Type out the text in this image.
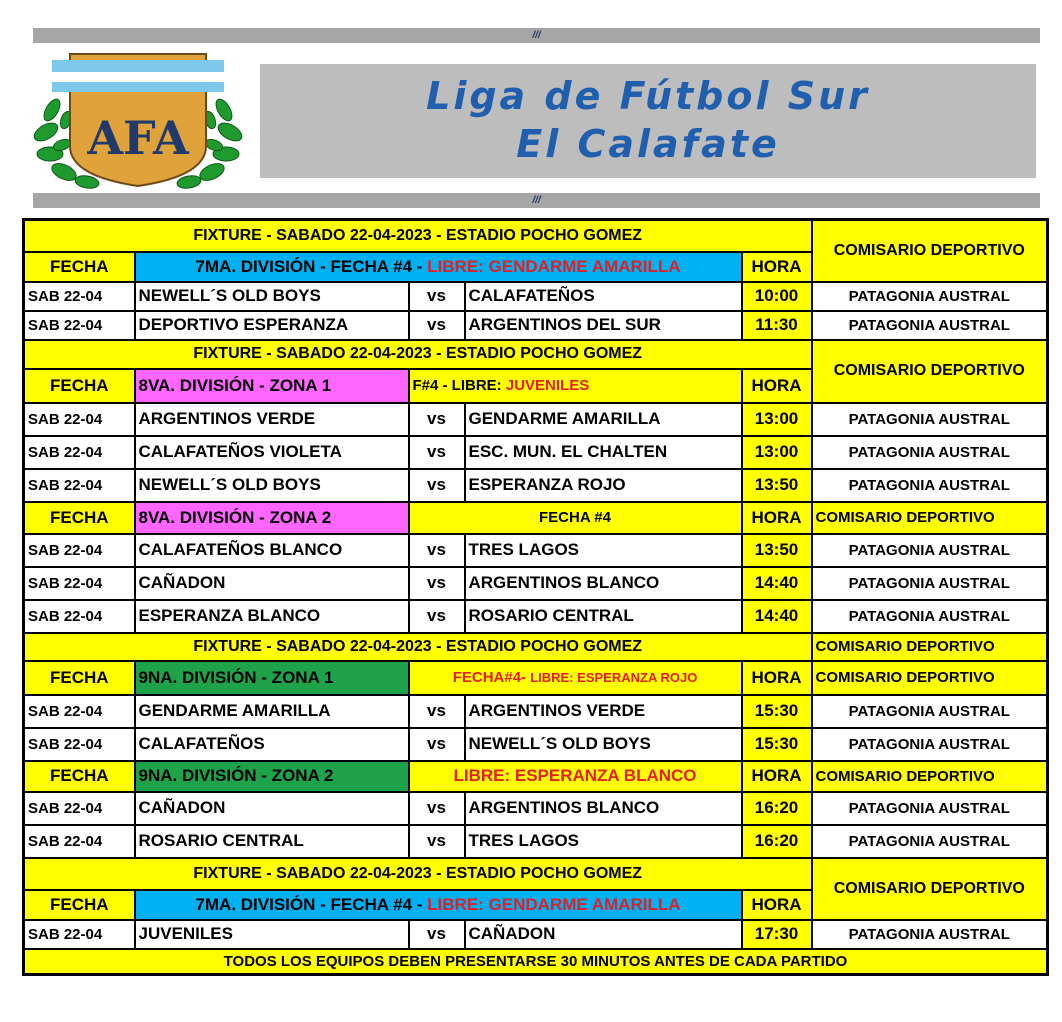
///
AFA
Liga de Fútbol Sur
El Calafate
///
FIXTURE - SABADO 22-04-2023 - ESTADIO POCHO GOMEZ					COMISARIO DEPORTIVO
FECHA	7MA. DIVISIÓN - FECHA #4 - LIBRE: GENDARME AMARILLA			HORA	
SAB 22-04	NEWELL´S OLD BOYS	vs	CALAFATEÑOS	10:00	PATAGONIA AUSTRAL
SAB 22-04	DEPORTIVO ESPERANZA	vs	ARGENTINOS DEL SUR	11:30	PATAGONIA AUSTRAL
FIXTURE - SABADO 22-04-2023 - ESTADIO POCHO GOMEZ					COMISARIO DEPORTIVO
FECHA	8VA. DIVISIÓN - ZONA 1	F#4 - LIBRE: JUVENILES		HORA	
SAB 22-04	ARGENTINOS VERDE	vs	GENDARME AMARILLA	13:00	PATAGONIA AUSTRAL
SAB 22-04	CALAFATEÑOS VIOLETA	vs	ESC. MUN. EL CHALTEN	13:00	PATAGONIA AUSTRAL
SAB 22-04	NEWELL´S OLD BOYS	vs	ESPERANZA ROJO	13:50	PATAGONIA AUSTRAL
FECHA	8VA. DIVISIÓN - ZONA 2	FECHA #4		HORA	COMISARIO DEPORTIVO
SAB 22-04	CALAFATEÑOS BLANCO	vs	TRES LAGOS	13:50	PATAGONIA AUSTRAL
SAB 22-04	CAÑADON	vs	ARGENTINOS BLANCO	14:40	PATAGONIA AUSTRAL
SAB 22-04	ESPERANZA BLANCO	vs	ROSARIO CENTRAL	14:40	PATAGONIA AUSTRAL
FIXTURE - SABADO 22-04-2023 - ESTADIO POCHO GOMEZ					COMISARIO DEPORTIVO
FECHA	9NA. DIVISIÓN - ZONA 1	FECHA#4- LIBRE: ESPERANZA ROJO		HORA	COMISARIO DEPORTIVO
SAB 22-04	GENDARME AMARILLA	vs	ARGENTINOS VERDE	15:30	PATAGONIA AUSTRAL
SAB 22-04	CALAFATEÑOS	vs	NEWELL´S OLD BOYS	15:30	PATAGONIA AUSTRAL
FECHA	9NA. DIVISIÓN - ZONA 2	LIBRE: ESPERANZA BLANCO		HORA	COMISARIO DEPORTIVO
SAB 22-04	CAÑADON	vs	ARGENTINOS BLANCO	16:20	PATAGONIA AUSTRAL
SAB 22-04	ROSARIO CENTRAL	vs	TRES LAGOS	16:20	PATAGONIA AUSTRAL
FIXTURE - SABADO 22-04-2023 - ESTADIO POCHO GOMEZ					COMISARIO DEPORTIVO
FECHA	7MA. DIVISIÓN - FECHA #4 - LIBRE: GENDARME AMARILLA			HORA	
SAB 22-04	JUVENILES	vs	CAÑADON	17:30	PATAGONIA AUSTRAL
TODOS LOS EQUIPOS DEBEN PRESENTARSE 30 MINUTOS ANTES DE CADA PARTIDO					
